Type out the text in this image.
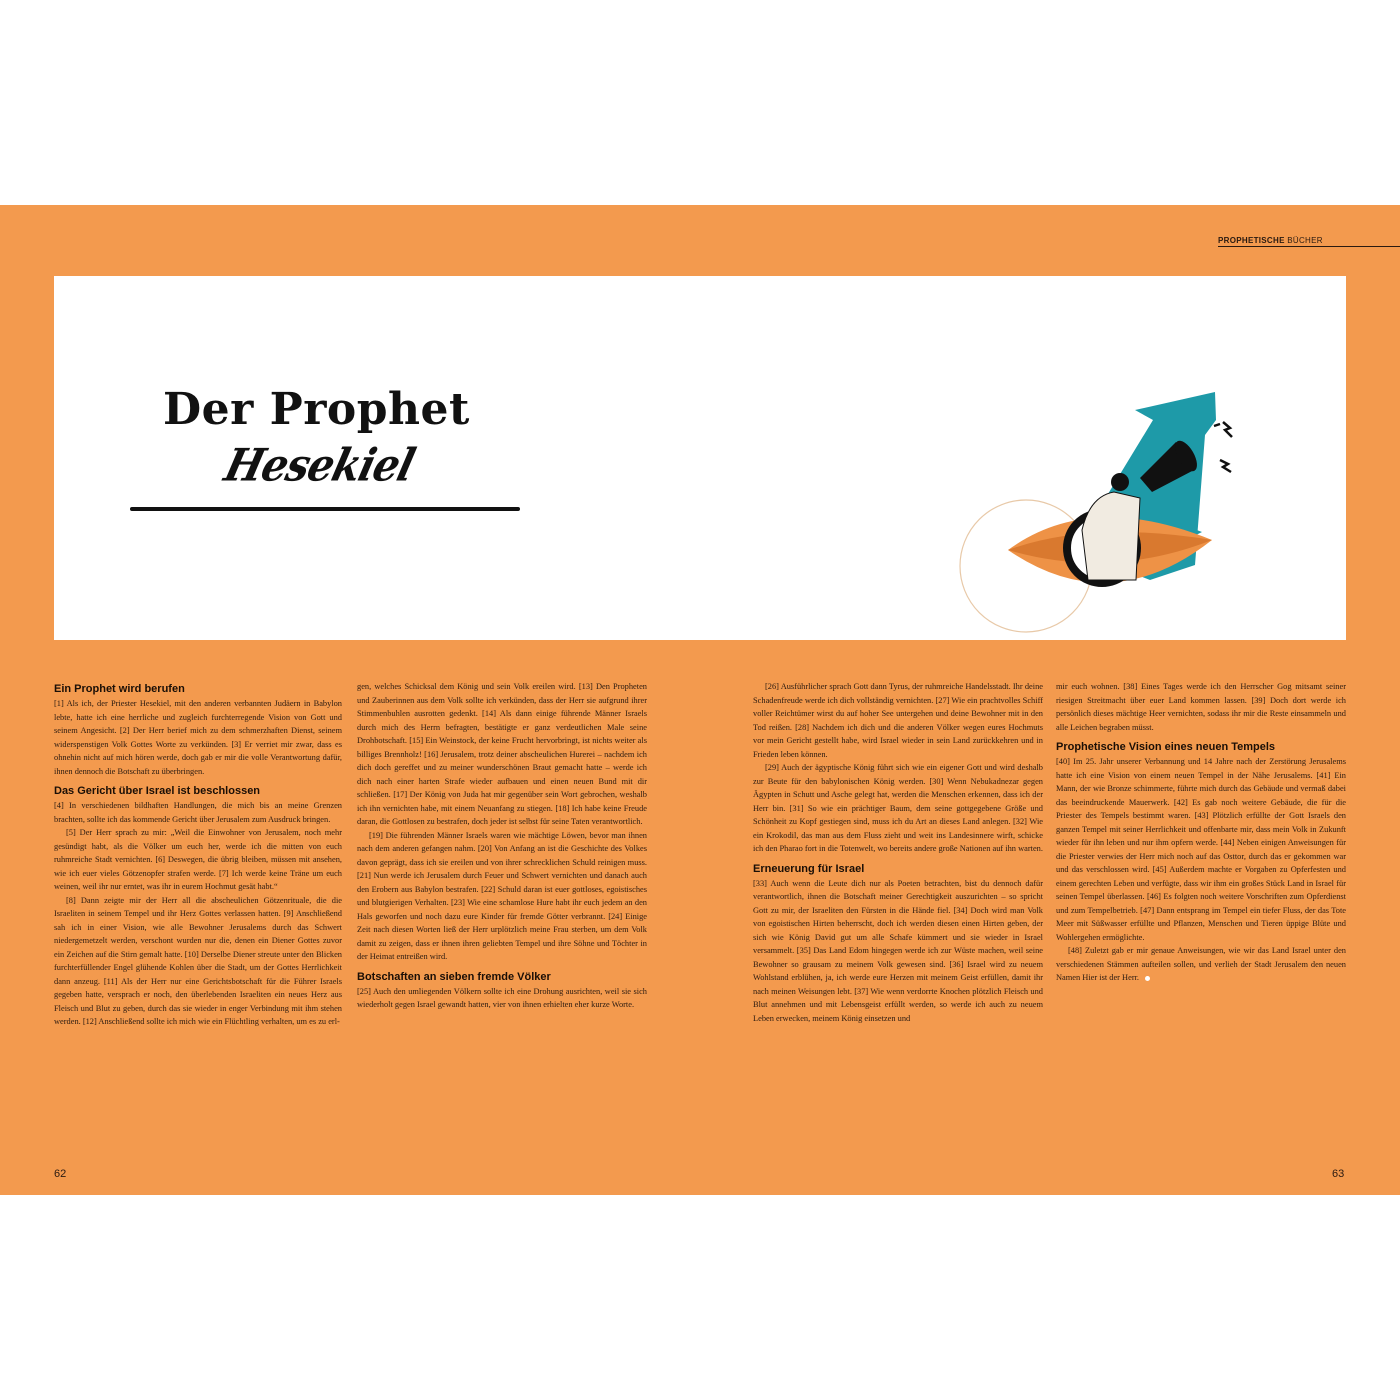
PROPHETISCHE BÜCHER
Der Prophet
Hesekiel
Ein Prophet wird berufen

[1] Als ich, der Priester Hesekiel, mit den anderen verbannten Judäern in Babylon lebte, hatte ich eine herrliche und zugleich furchterregende Vision von Gott und seinem Angesicht. [2] Der Herr berief mich zu dem schmerzhaften Dienst, seinem widerspenstigen Volk Gottes Worte zu verkünden. [3] Er verriet mir zwar, dass es ohnehin nicht auf mich hören werde, doch gab er mir die volle Verantwortung dafür, ihnen dennoch die Botschaft zu überbringen.

Das Gericht über Israel ist beschlossen

[4] In verschiedenen bildhaften Handlungen, die mich bis an meine Grenzen brachten, sollte ich das kommende Gericht über Jerusalem zum Ausdruck bringen.

[5] Der Herr sprach zu mir: „Weil die Einwohner von Jerusalem, noch mehr gesündigt habt, als die Völker um euch her, werde ich die mitten von euch ruhmreiche Stadt vernichten. [6] Deswegen, die übrig bleiben, müssen mit ansehen, wie ich euer vieles Götzenopfer strafen werde. [7] Ich werde keine Träne um euch weinen, weil ihr nur erntet, was ihr in eurem Hochmut gesät habt.“

[8] Dann zeigte mir der Herr all die abscheulichen Götzenrituale, die die Israeliten in seinem Tempel und ihr Herz Gottes verlassen hatten. [9] Anschließend sah ich in einer Vision, wie alle Bewohner Jerusalems durch das Schwert niedergemetzelt werden, verschont wurden nur die, denen ein Diener Gottes zuvor ein Zeichen auf die Stirn gemalt hatte. [10] Derselbe Diener streute unter den Blicken furchterfüllender Engel glühende Kohlen über die Stadt, um der Gottes Herrlichkeit dann anzeug. [11] Als der Herr nur eine Gerichtsbotschaft für die Führer Israels gegeben hatte, versprach er noch, den überlebenden Israeliten ein neues Herz aus Fleisch und Blut zu geben, durch das sie wieder in enger Verbindung mit ihm stehen werden. [12] Anschließend sollte ich mich wie ein Flüchtling verhalten, um es zu erl-

gen, welches Schicksal dem König und sein Volk ereilen wird. [13] Den Propheten und Zauberinnen aus dem Volk sollte ich verkünden, dass der Herr sie aufgrund ihrer Stimmenbuhlen ausrotten gedenkt. [14] Als dann einige führende Männer Israels durch mich des Herrn befragten, bestätigte er ganz verdeutlichen Male seine Drohbotschaft. [15] Ein Weinstock, der keine Frucht hervorbringt, ist nichts weiter als billiges Brennholz! [16] Jerusalem, trotz deiner abscheulichen Hurerei – nachdem ich dich doch gereffet und zu meiner wunderschönen Braut gemacht hatte – werde ich dich nach einer harten Strafe wieder aufbauen und einen neuen Bund mit dir schließen. [17] Der König von Juda hat mir gegenüber sein Wort gebrochen, weshalb ich ihn vernichten habe, mit einem Neuanfang zu stiegen. [18] Ich habe keine Freude daran, die Gottlosen zu bestrafen, doch jeder ist selbst für seine Taten verantwortlich.

[19] Die führenden Männer Israels waren wie mächtige Löwen, bevor man ihnen nach dem anderen gefangen nahm. [20] Von Anfang an ist die Geschichte des Volkes davon geprägt, dass ich sie ereilen und von ihrer schrecklichen Schuld reinigen muss. [21] Nun werde ich Jerusalem durch Feuer und Schwert vernichten und danach auch den Erobern aus Babylon bestrafen. [22] Schuld daran ist euer gottloses, egoistisches und blutgierigen Verhalten. [23] Wie eine schamlose Hure habt ihr euch jedem an den Hals geworfen und noch dazu eure Kinder für fremde Götter verbrannt. [24] Einige Zeit nach diesen Worten ließ der Herr urplötzlich meine Frau sterben, um dem Volk damit zu zeigen, dass er ihnen ihren geliebten Tempel und ihre Söhne und Töchter in der Heimat entreißen wird.

Botschaften an sieben fremde Völker

[25] Auch den umliegenden Völkern sollte ich eine Drohung ausrichten, weil sie sich wiederholt gegen Israel gewandt hatten, vier von ihnen erhielten eher kurze Worte.

[26] Ausführlicher sprach Gott dann Tyrus, der ruhmreiche Handelsstadt. Ihr deine Schadenfreude werde ich dich vollständig vernichten. [27] Wie ein prachtvolles Schiff voller Reichtümer wirst du auf hoher See untergehen und deine Bewohner mit in den Tod reißen. [28] Nachdem ich dich und die anderen Völker wegen eures Hochmuts vor mein Gericht gestellt habe, wird Israel wieder in sein Land zurückkehren und in Frieden leben können.

[29] Auch der ägyptische König führt sich wie ein eigener Gott und wird deshalb zur Beute für den babylonischen König werden. [30] Wenn Nebukadnezar gegen Ägypten in Schutt und Asche gelegt hat, werden die Menschen erkennen, dass ich der Herr bin. [31] So wie ein prächtiger Baum, dem seine gottgegebene Größe und Schönheit zu Kopf gestiegen sind, muss ich du Art an dieses Land anlegen. [32] Wie ein Krokodil, das man aus dem Fluss zieht und weit ins Landesinnere wirft, schicke ich den Pharao fort in die Totenwelt, wo bereits andere große Nationen auf ihn warten.

Erneuerung für Israel

[33] Auch wenn die Leute dich nur als Poeten betrachten, bist du dennoch dafür verantwortlich, ihnen die Botschaft meiner Gerechtigkeit auszurichten – so spricht Gott zu mir, der Israeliten den Fürsten in die Hände fiel. [34] Doch wird man Volk von egoistischen Hirten beherrscht, doch ich werden diesen einen Hirten geben, der sich wie König David gut um alle Schafe kümmert und sie wieder in Israel versammelt. [35] Das Land Edom hingegen werde ich zur Wüste machen, weil seine Bewohner so grausam zu meinem Volk gewesen sind. [36] Israel wird zu neuem Wohlstand erblühen, ja, ich werde eure Herzen mit meinem Geist erfüllen, damit ihr nach meinen Weisungen lebt. [37] Wie wenn verdorrte Knochen plötzlich Fleisch und Blut annehmen und mit Lebensgeist erfüllt werden, so werde ich auch zu neuem Leben erwecken, meinem König einsetzen und

mir euch wohnen. [38] Eines Tages werde ich den Herrscher Gog mitsamt seiner riesigen Streitmacht über euer Land kommen lassen. [39] Doch dort werde ich persönlich dieses mächtige Heer vernichten, sodass ihr mir die Reste einsammeln und alle Leichen begraben müsst.

Prophetische Vision eines neuen Tempels

[40] Im 25. Jahr unserer Verbannung und 14 Jahre nach der Zerstörung Jerusalems hatte ich eine Vision von einem neuen Tempel in der Nähe Jerusalems. [41] Ein Mann, der wie Bronze schimmerte, führte mich durch das Gebäude und vermaß dabei das beeindruckende Mauerwerk. [42] Es gab noch weitere Gebäude, die für die Priester des Tempels bestimmt waren. [43] Plötzlich erfüllte der Gott Israels den ganzen Tempel mit seiner Herrlichkeit und offenbarte mir, dass mein Volk in Zukunft wieder für ihn leben und nur ihm opfern werde. [44] Neben einigen Anweisungen für die Priester verwies der Herr mich noch auf das Osttor, durch das er gekommen war und das verschlossen wird. [45] Außerdem machte er Vorgaben zu Opferfesten und einem gerechten Leben und verfügte, dass wir ihm ein großes Stück Land in Israel für seinen Tempel überlassen. [46] Es folgten noch weitere Vorschriften zum Opferdienst und zum Tempelbetrieb. [47] Dann entsprang im Tempel ein tiefer Fluss, der das Tote Meer mit Süßwasser erfüllte und Pflanzen, Menschen und Tieren üppige Blüte und Wohlergehen ermöglichte.

[48] Zuletzt gab er mir genaue Anweisungen, wie wir das Land Israel unter den verschiedenen Stämmen aufteilen sollen, und verlieh der Stadt Jerusalem den neuen Namen Hier ist der Herr.

62	63
